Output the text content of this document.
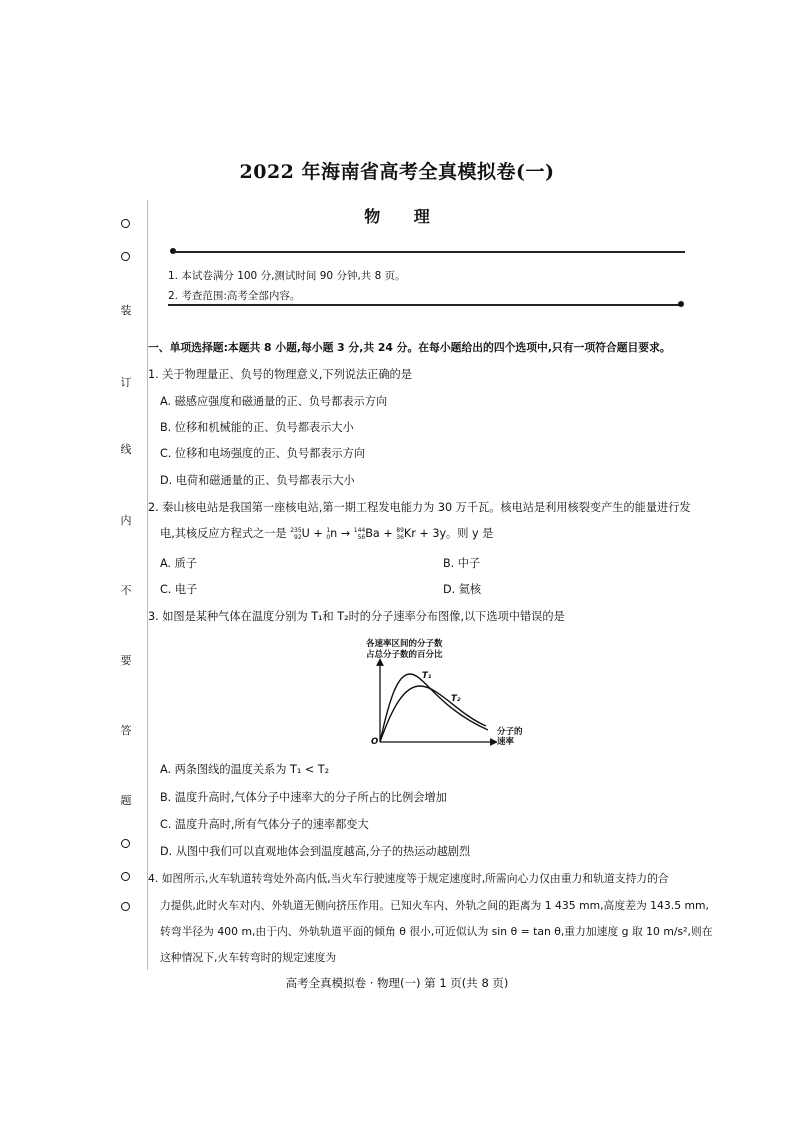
2022 年海南省高考全真模拟卷(一)
物 理
1. 本试卷满分 100 分,测试时间 90 分钟,共 8 页。
2. 考查范围:高考全部内容。
装
订
线
内
不
要
答
题
一、单项选择题:本题共 8 小题,每小题 3 分,共 24 分。在每小题给出的四个选项中,只有一项符合题目要求。
1. 关于物理量正、负号的物理意义,下列说法正确的是
A. 磁感应强度和磁通量的正、负号都表示方向
B. 位移和机械能的正、负号都表示大小
C. 位移和电场强度的正、负号都表示方向
D. 电荷和磁通量的正、负号都表示大小
2. 秦山核电站是我国第一座核电站,第一期工程发电能力为 30 万千瓦。核电站是利用核裂变产生的能量进行发
电,其核反应方程式之一是 235
92 U + 1
0 n → 144
56 Ba + 89
36 Kr + 3y。则 y 是
A. 质子	B. 中子
C. 电子	D. 氦核
3. 如图是某种气体在温度分别为 T₁和 T₂时的分子速率分布图像,以下选项中错误的是
各速率区间的分子数
占总分子数的百分比
T₁
T₂
O
分子的
速率
A. 两条图线的温度关系为 T₁ < T₂
B. 温度升高时,气体分子中速率大的分子所占的比例会增加
C. 温度升高时,所有气体分子的速率都变大
D. 从图中我们可以直观地体会到温度越高,分子的热运动越剧烈
4. 如图所示,火车轨道转弯处外高内低,当火车行驶速度等于规定速度时,所需向心力仅由重力和轨道支持力的合
力提供,此时火车对内、外轨道无侧向挤压作用。已知火车内、外轨之间的距离为 1 435 mm,高度差为 143.5 mm,
转弯半径为 400 m,由于内、外轨轨道平面的倾角 θ 很小,可近似认为 sin θ = tan θ,重力加速度 g 取 10 m/s²,则在
这种情况下,火车转弯时的规定速度为
高考全真模拟卷 · 物理(一) 第 1 页(共 8 页)
